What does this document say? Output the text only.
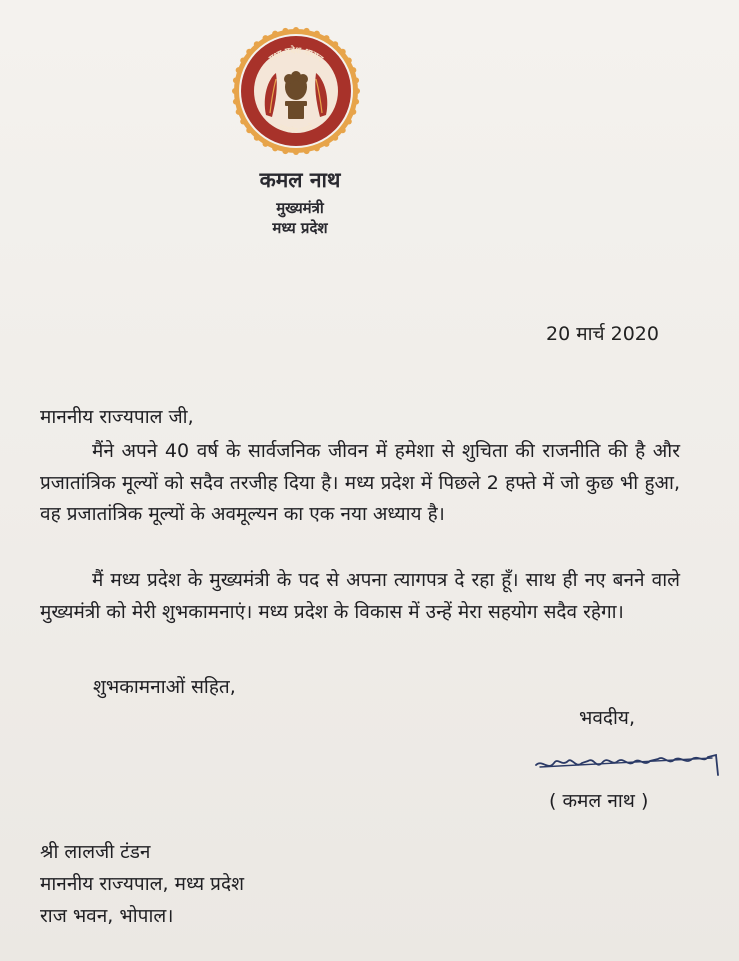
मध्य प्रदेश शासन
सत्यमेव जयते
कमल नाथ
मुख्यमंत्री
मध्य प्रदेश
20 मार्च 2020
माननीय राज्यपाल जी,

मैंने अपने 40 वर्ष के सार्वजनिक जीवन में हमेशा से शुचिता की राजनीति की है और प्रजातांत्रिक मूल्यों को सदैव तरजीह दिया है। मध्य प्रदेश में पिछले 2 हफ्ते में जो कुछ भी हुआ, वह प्रजातांत्रिक मूल्यों के अवमूल्यन का एक नया अध्याय है।

मैं मध्य प्रदेश के मुख्यमंत्री के पद से अपना त्यागपत्र दे रहा हूँ। साथ ही नए बनने वाले मुख्यमंत्री को मेरी शुभकामनाएं। मध्य प्रदेश के विकास में उन्हें मेरा सहयोग सदैव रहेगा।

शुभकामनाओं सहित,
भवदीय,
( कमल नाथ )
श्री लालजी टंडन
माननीय राज्यपाल, मध्य प्रदेश
राज भवन, भोपाल।
